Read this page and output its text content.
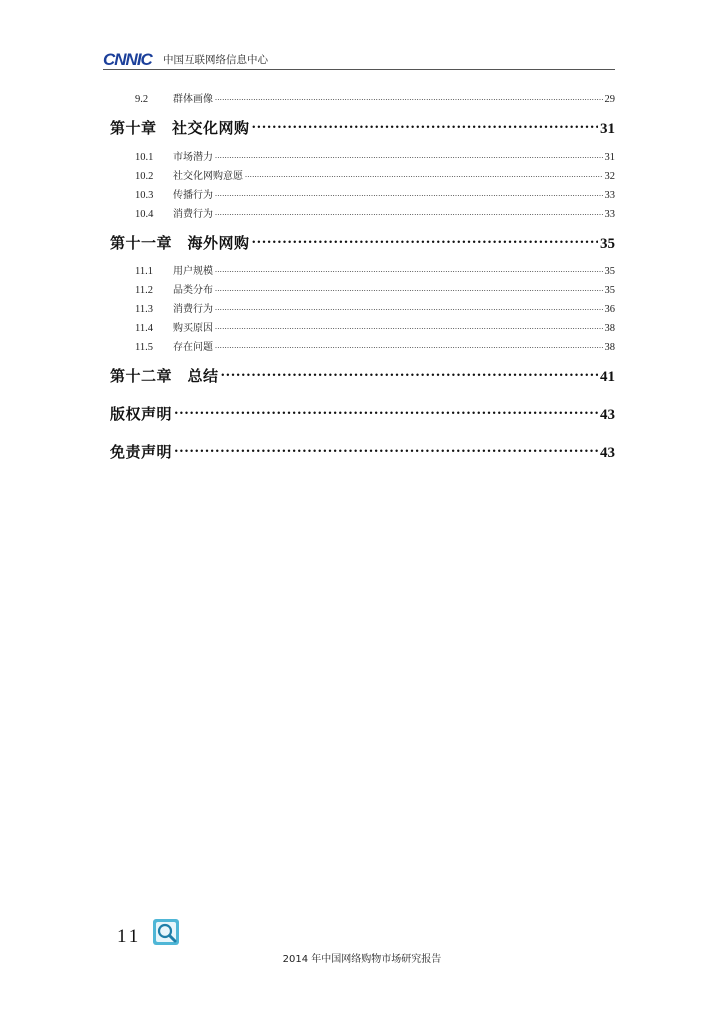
CNNIC 中国互联网络信息中心
9.2	群体画像 .....	29
第十章　社交化网购 .....	31
10.1	市场潜力 .....	31
10.2	社交化网购意愿 .....	32
10.3	传播行为 .....	33
10.4	消费行为 .....	33
第十一章　海外网购 .....	35
11.1	用户规模 .....	35
11.2	品类分布 .....	35
11.3	消费行为 .....	36
11.4	购买原因 .....	38
11.5	存在问题 .....	38
第十二章　总结 .....	41
版权声明 .....	43
免责声明 .....	43
11
2014 年中国网络购物市场研究报告
